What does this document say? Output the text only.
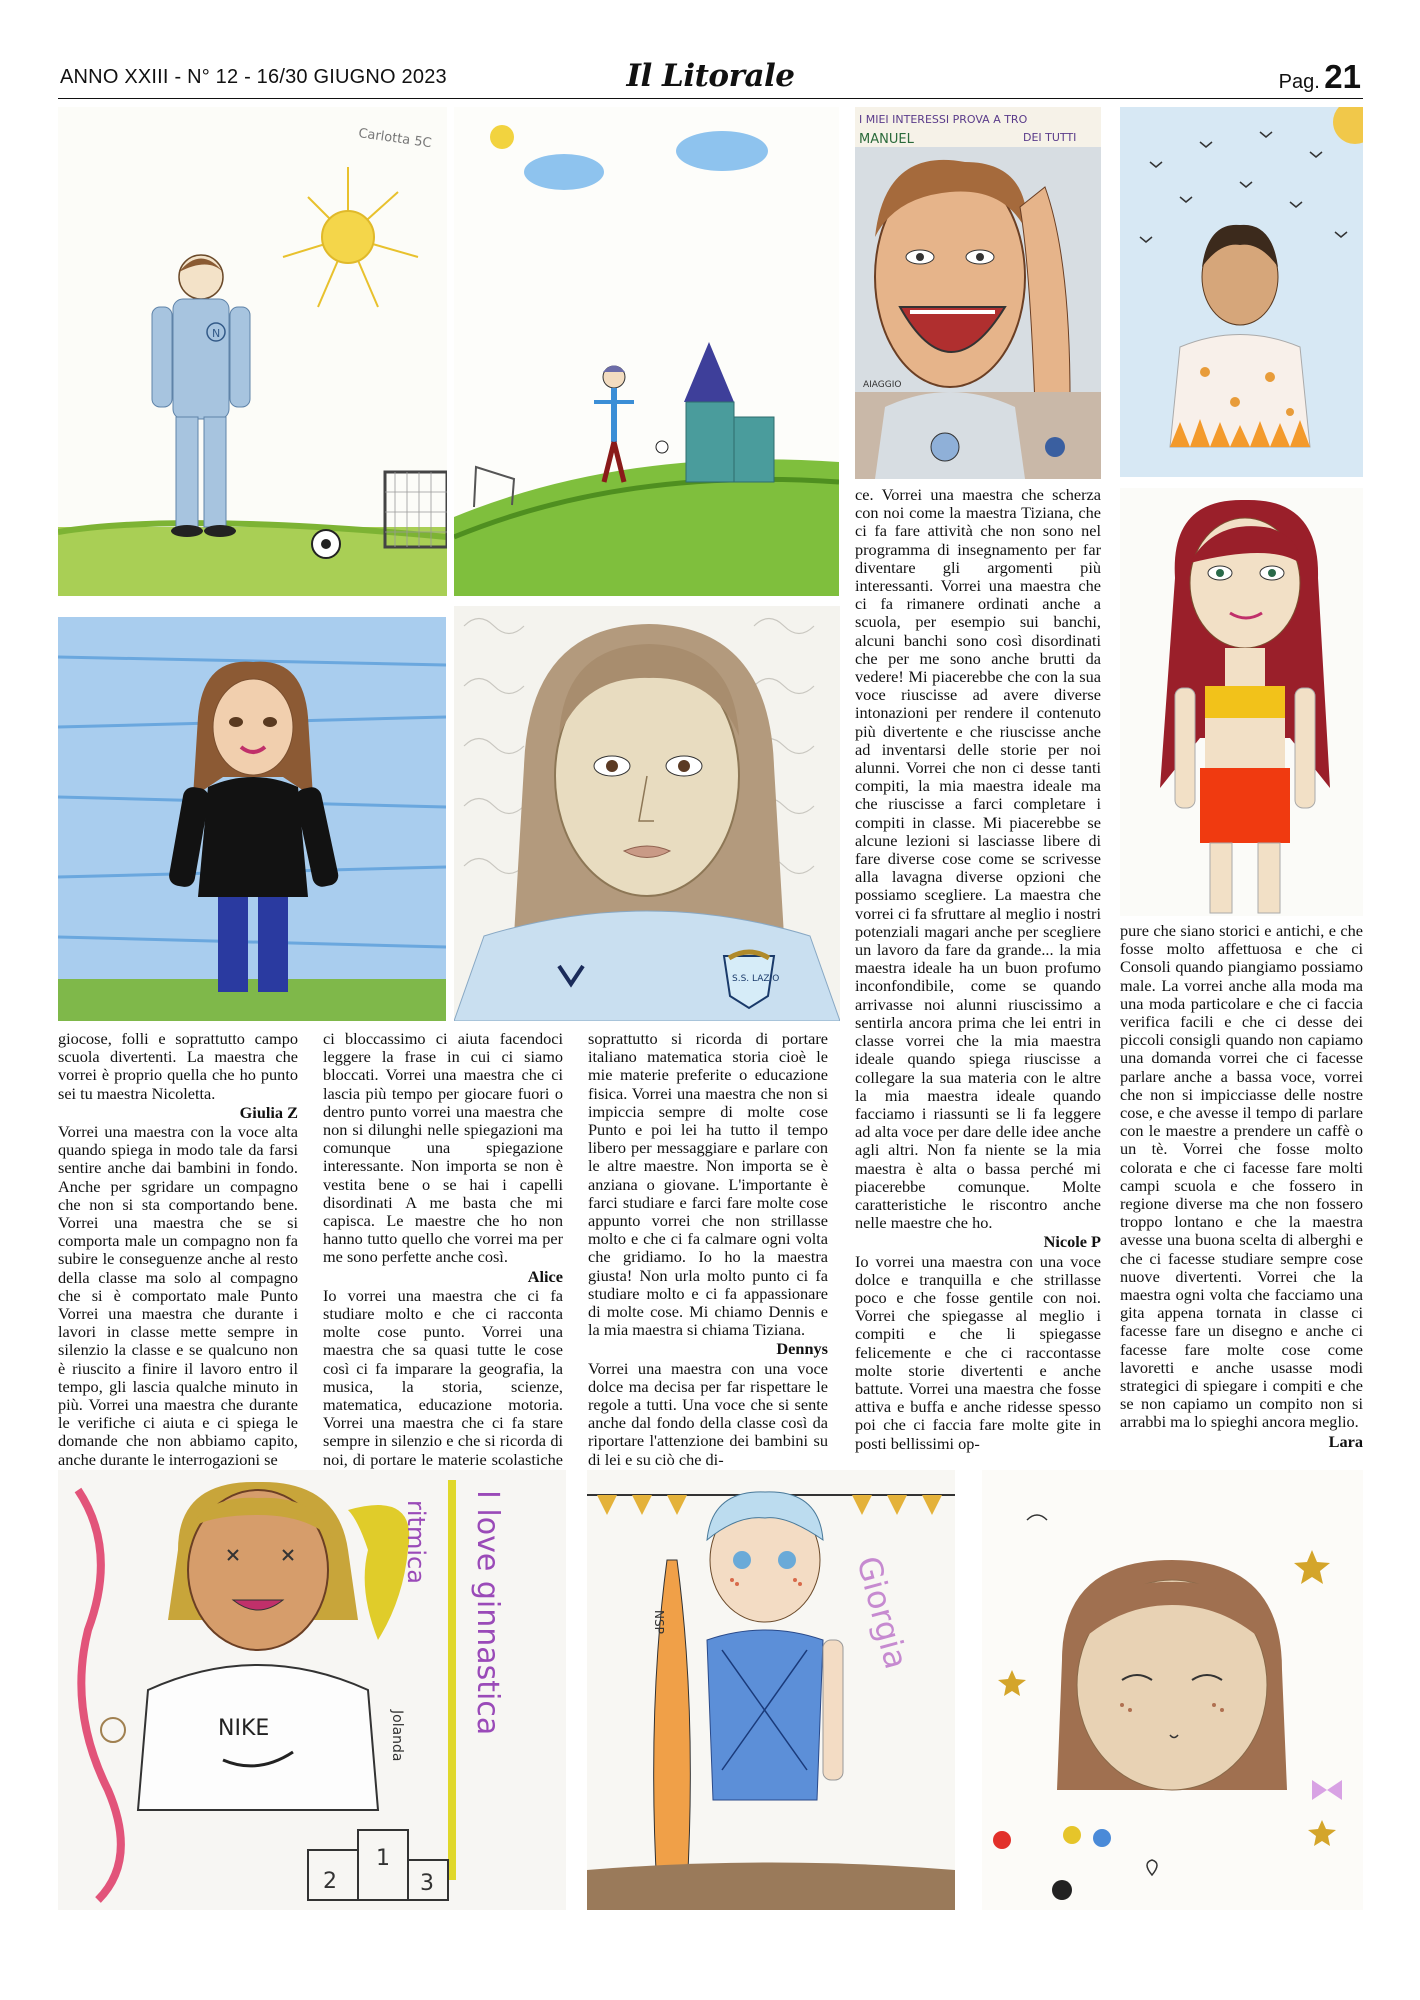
ANNO XXIII - N° 12 - 16/30 GIUGNO 2023	Il Litorale	Pag. 21
Carlotta 5C
N
I MIEI INTERESSI PROVA A TRO
DEI TUTTI
MANUEL
AIAGGIO
S.S. LAZIO

giocose, folli e soprattutto campo scuola divertenti. La maestra che vorrei è proprio quella che ho punto sei tu maestra Nicoletta.

Giulia Z

Vorrei una maestra con la voce alta quando spiega in modo tale da farsi sentire anche dai bambini in fondo. Anche per sgridare un compagno che non si sta comportando bene. Vorrei una maestra che se si comporta male un compagno non fa subire le conseguenze anche al resto della classe ma solo al compagno che si è comportato male Punto Vorrei una maestra che durante i lavori in classe mette sempre in silenzio la classe e se qualcuno non è riuscito a finire il lavoro entro il tempo, gli lascia qualche minuto in più. Vorrei una maestra che durante le verifiche ci aiuta e ci spiega le domande che non abbiamo capito, anche durante le interrogazioni se

ci bloccassimo ci aiuta facendoci leggere la frase in cui ci siamo bloccati. Vorrei una maestra che ci lascia più tempo per giocare fuori o dentro punto vorrei una maestra che non si dilunghi nelle spiegazioni ma comunque una spiegazione interessante. Non importa se non è vestita bene o se hai i capelli disordinati A me basta che mi capisca. Le maestre che ho non hanno tutto quello che vorrei ma per me sono perfette anche così.

Alice

Io vorrei una maestra che ci fa studiare molto e che ci racconta molte cose punto. Vorrei una maestra che sa quasi tutte le cose così ci fa imparare la geografia, la musica, la storia, scienze, matematica, educazione motoria. Vorrei una maestra che ci fa stare sempre in silenzio e che si ricorda di noi, di portare le materie scolastiche

soprattutto si ricorda di portare italiano matematica storia cioè le mie materie preferite o educazione fisica. Vorrei una maestra che non si impiccia sempre di molte cose Punto e poi lei ha tutto il tempo libero per messaggiare e parlare con le altre maestre. Non importa se è anziana o giovane. L'importante è farci studiare e farci fare molte cose appunto vorrei che non strillasse molto e che ci fa calmare ogni volta che gridiamo. Io ho la maestra giusta! Non urla molto punto ci fa studiare molto e ci fa appassionare di molte cose. Mi chiamo Dennis e la mia maestra si chiama Tiziana.

Dennys

Vorrei una maestra con una voce dolce ma decisa per far rispettare le regole a tutti. Una voce che si sente anche dal fondo della classe così da riportare l'attenzione dei bambini su di lei e su ciò che di-

ce. Vorrei una maestra che scherza con noi come la maestra Tiziana, che ci fa fare attività che non sono nel programma di insegnamento per far diventare gli argomenti più interessanti. Vorrei una maestra che ci fa rimanere ordinati anche a scuola, per esempio sui banchi, alcuni banchi sono così disordinati che per me sono anche brutti da vedere! Mi piacerebbe che con la sua voce riuscisse ad avere diverse intonazioni per rendere il contenuto più divertente e che riuscisse anche ad inventarsi delle storie per noi alunni. Vorrei che non ci desse tanti compiti, la mia maestra ideale ma che riuscisse a farci completare i compiti in classe. Mi piacerebbe se alcune lezioni si lasciasse libere di fare diverse cose come se scrivesse alla lavagna diverse opzioni che possiamo scegliere. La maestra che vorrei ci fa sfruttare al meglio i nostri potenziali magari anche per scegliere un lavoro da fare da grande... la mia maestra ideale ha un buon profumo inconfondibile, come se quando arrivasse noi alunni riuscissimo a sentirla ancora prima che lei entri in classe vorrei che la mia maestra ideale quando spiega riuscisse a collegare la sua materia con le altre la mia maestra ideale quando facciamo i riassunti se li fa leggere ad alta voce per dare delle idee anche agli altri. Non fa niente se la mia maestra è alta o bassa perché mi piacerebbe comunque. Molte caratteristiche le riscontro anche nelle maestre che ho.

Nicole P

Io vorrei una maestra con una voce dolce e tranquilla e che strillasse poco e che fosse gentile con noi. Vorrei che spiegasse al meglio i compiti e che li spiegasse felicemente e che ci raccontasse molte storie divertenti e anche battute. Vorrei una maestra che fosse attiva e buffa e anche ridesse spesso poi che ci faccia fare molte gite in posti bellissimi op-

pure che siano storici e antichi, e che fosse molto affettuosa e che ci Consoli quando piangiamo possiamo male. La vorrei anche alla moda ma una moda particolare e che ci faccia verifica facili e che ci desse dei piccoli consigli quando non capiamo una domanda vorrei che ci facesse parlare anche a bassa voce, vorrei che non si impicciasse delle nostre cose, e che avesse il tempo di parlare con le maestre a prendere un caffè o un tè. Vorrei che fosse molto colorata e che ci facesse fare molti campi scuola e che fossero in regione diverse ma che non fossero troppo lontano e che la maestra avesse una buona scelta di alberghi e che ci facesse studiare sempre cose nuove divertenti. Vorrei che la maestra ogni volta che facciamo una gita appena tornata in classe ci facesse fare un disegno e anche ci facesse fare molte cose come lavoretti e anche usasse modi strategici di spiegare i compiti e che se non capiamo un compito non si arrabbi ma lo spieghi ancora meglio.

Lara
NIKE	I love ginnastica
ritmica
Jolanda
2
1
3
NSP	Giorgia
